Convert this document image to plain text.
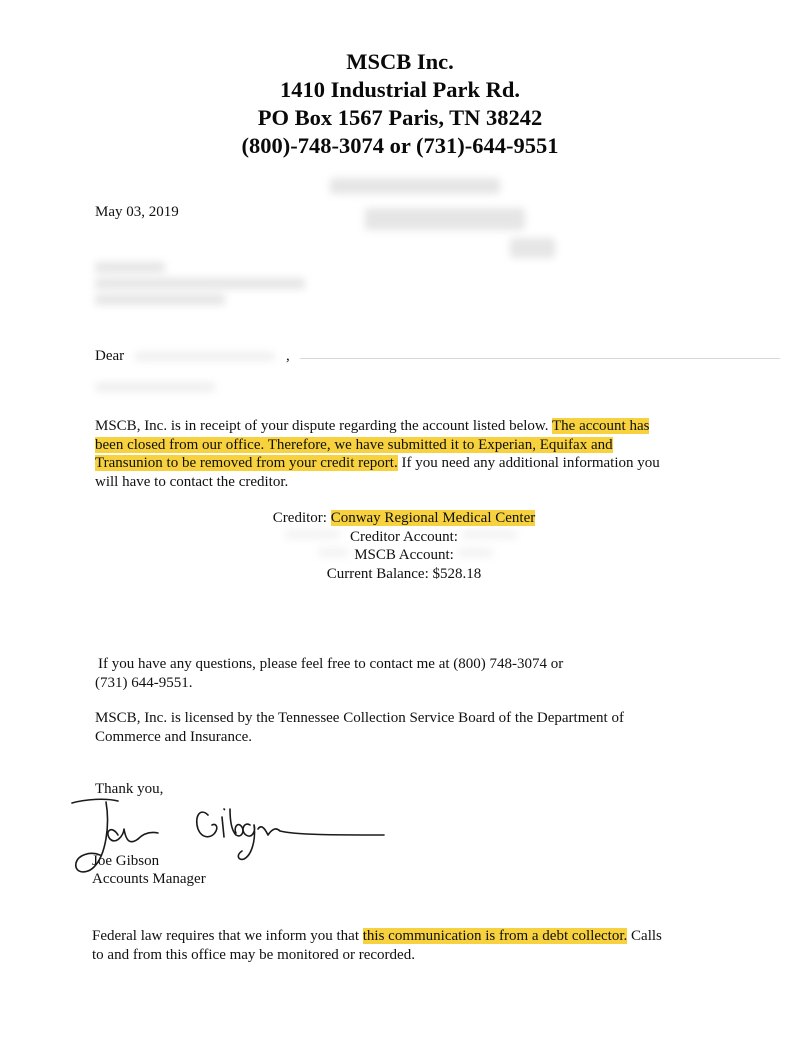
MSCB Inc.
1410 Industrial Park Rd.
PO Box 1567 Paris, TN 38242
(800)-748-3074 or (731)-644-9551
May 03, 2019
Dear	,
MSCB, Inc. is in receipt of your dispute regarding the account listed below. The account has
been closed from our office. Therefore, we have submitted it to Experian, Equifax and
Transunion to be removed from your credit report. If you need any additional information you
will have to contact the creditor.
Creditor: Conway Regional Medical Center
Creditor Account:
MSCB Account:
Current Balance: $528.18
If you have any questions, please feel free to contact me at (800) 748-3074 or
(731) 644-9551.
MSCB, Inc. is licensed by the Tennessee Collection Service Board of the Department of
Commerce and Insurance.
Thank you,
Joe Gibson
Accounts Manager
Federal law requires that we inform you that this communication is from a debt collector. Calls
to and from this office may be monitored or recorded.
